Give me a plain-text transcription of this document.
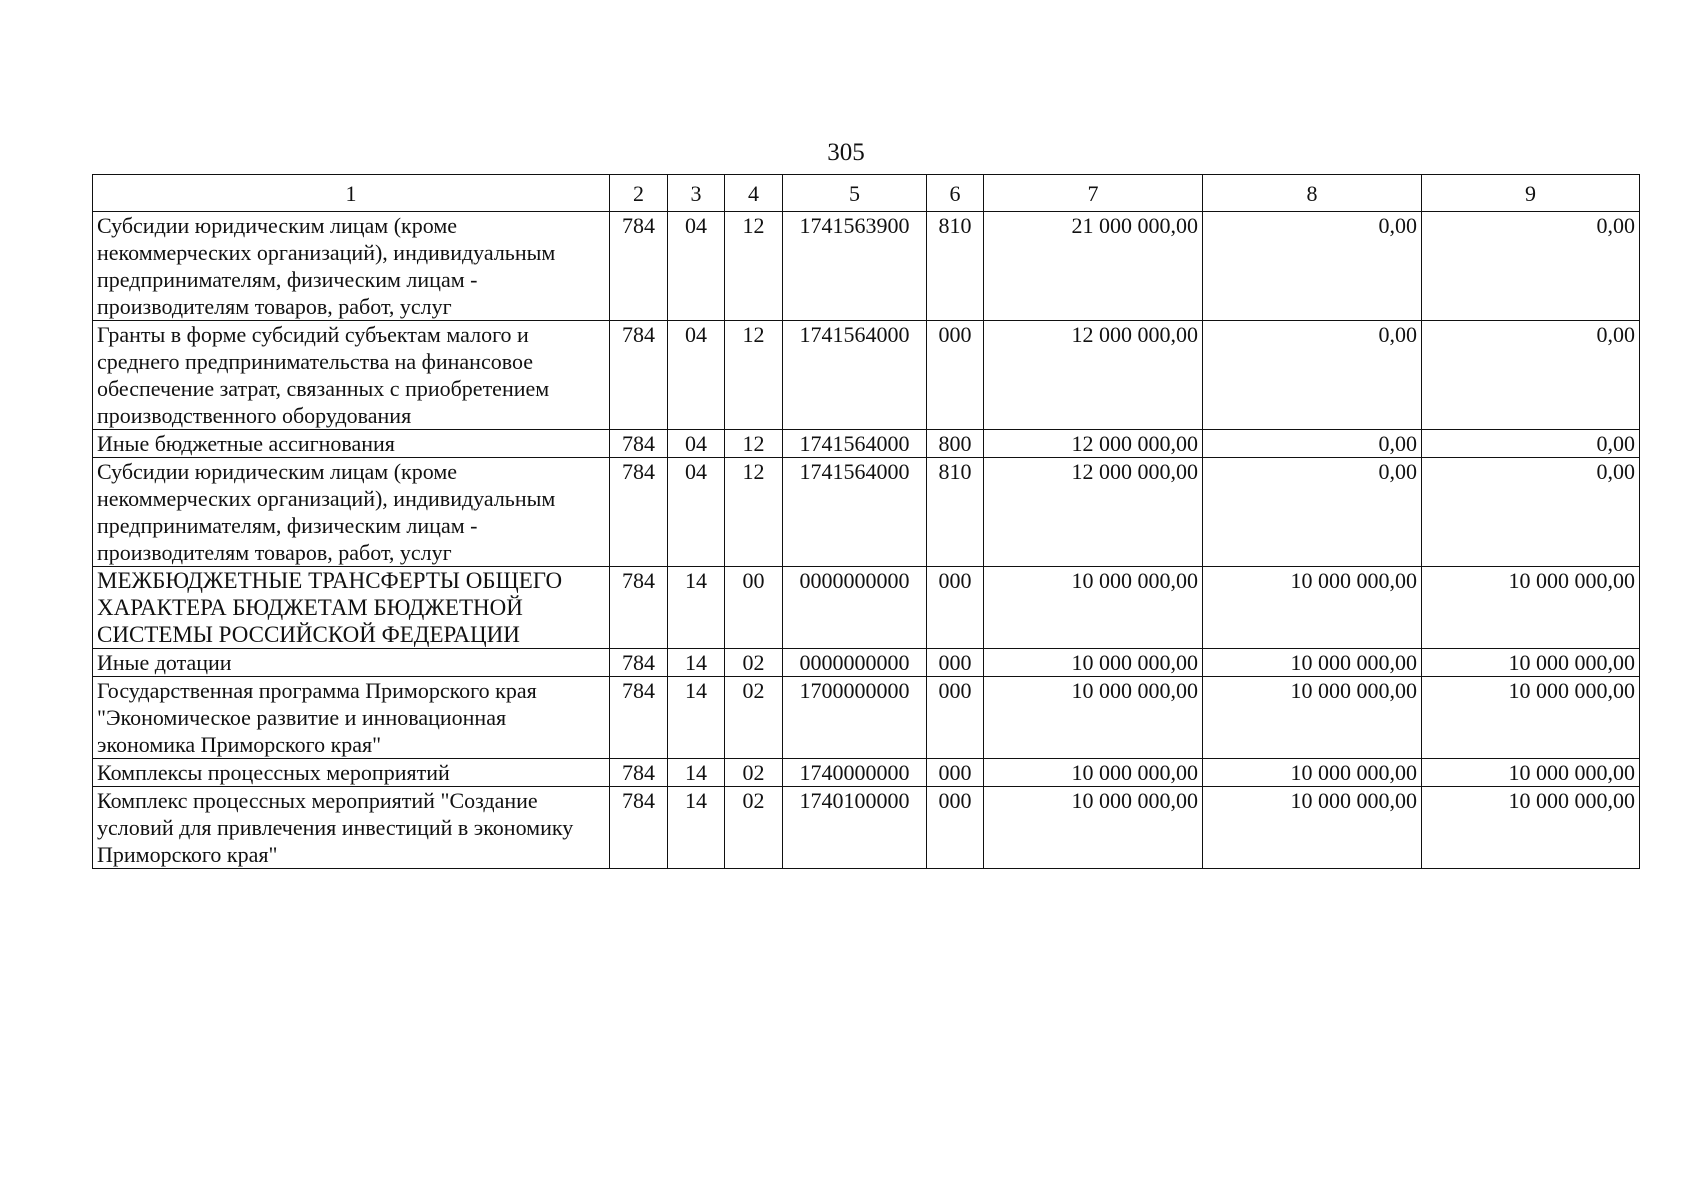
305
1	2	3	4	5	6	7	8	9
Субсидии юридическим лицам (кроме некоммерческих организаций), индивидуальным предпринимателям, физическим лицам - производителям товаров, работ, услуг	784	04	12	1741563900	810	21 000 000,00	0,00	0,00
Гранты в форме субсидий субъектам малого и среднего предпринимательства на финансовое обеспечение затрат, связанных с приобретением производственного оборудования	784	04	12	1741564000	000	12 000 000,00	0,00	0,00
Иные бюджетные ассигнования	784	04	12	1741564000	800	12 000 000,00	0,00	0,00
Субсидии юридическим лицам (кроме некоммерческих организаций), индивидуальным предпринимателям, физическим лицам - производителям товаров, работ, услуг	784	04	12	1741564000	810	12 000 000,00	0,00	0,00
МЕЖБЮДЖЕТНЫЕ ТРАНСФЕРТЫ ОБЩЕГО ХАРАКТЕРА БЮДЖЕТАМ БЮДЖЕТНОЙ СИСТЕМЫ РОССИЙСКОЙ ФЕДЕРАЦИИ	784	14	00	0000000000	000	10 000 000,00	10 000 000,00	10 000 000,00
Иные дотации	784	14	02	0000000000	000	10 000 000,00	10 000 000,00	10 000 000,00
Государственная программа Приморского края "Экономическое развитие и инновационная экономика Приморского края"	784	14	02	1700000000	000	10 000 000,00	10 000 000,00	10 000 000,00
Комплексы процессных мероприятий	784	14	02	1740000000	000	10 000 000,00	10 000 000,00	10 000 000,00
Комплекс процессных мероприятий "Создание условий для привлечения инвестиций в экономику Приморского края"	784	14	02	1740100000	000	10 000 000,00	10 000 000,00	10 000 000,00
